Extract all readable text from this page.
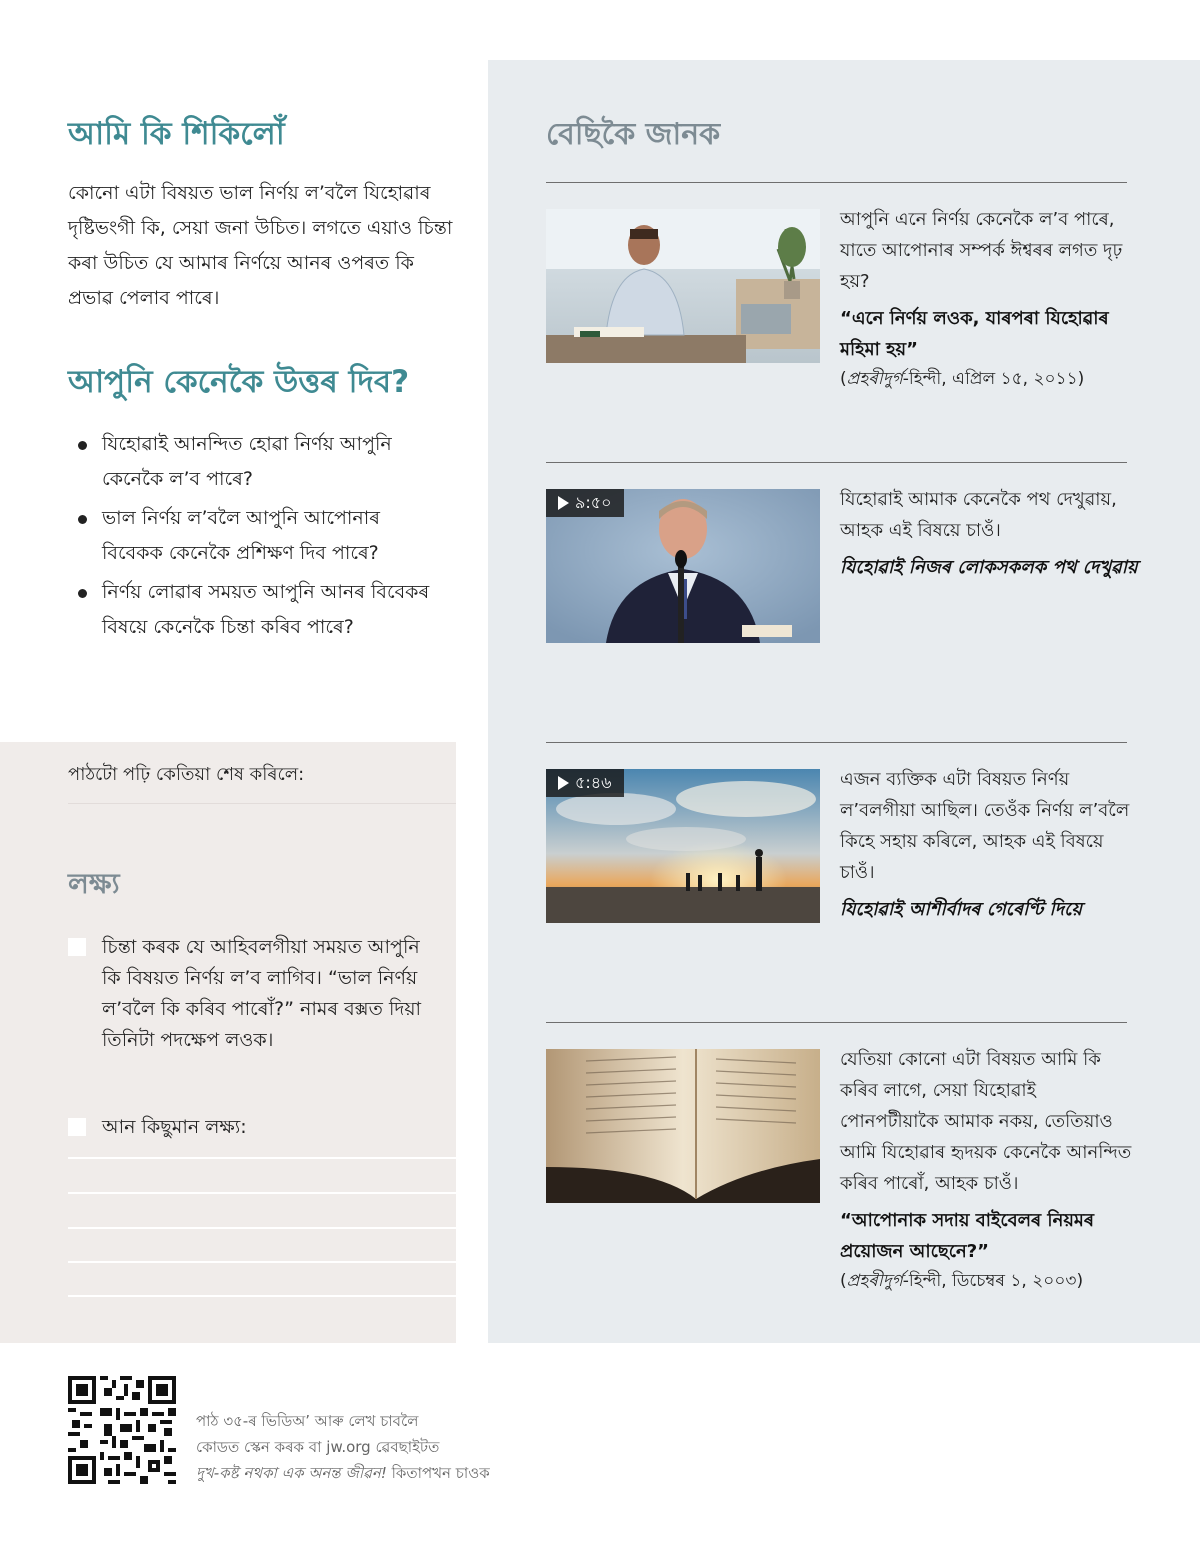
আমি কি শিকিলোঁ

কোনো এটা বিষয়ত ভাল নিৰ্ণয় ল’বলৈ যিহোৱাৰ দৃষ্টিভংগী কি, সেয়া জনা উচিত। লগতে এয়াও চিন্তা কৰা উচিত যে আমাৰ নিৰ্ণয়ে আনৰ ওপৰত কি প্ৰভাৱ পেলাব পাৰে।

আপুনি কেনেকৈ উত্তৰ দিব?
যিহোৱাই আনন্দিত হোৱা নিৰ্ণয় আপুনি কেনেকৈ ল’ব পাৰে?
ভাল নিৰ্ণয় ল’বলৈ আপুনি আপোনাৰ বিবেকক কেনেকৈ প্ৰশিক্ষণ দিব পাৰে?
নিৰ্ণয় লোৱাৰ সময়ত আপুনি আনৰ বিবেকৰ বিষয়ে কেনেকৈ চিন্তা কৰিব পাৰে?
পাঠটো পঢ়ি কেতিয়া শেষ কৰিলে:
লক্ষ্য
চিন্তা কৰক যে আহিবলগীয়া সময়ত আপুনি কি বিষয়ত নিৰ্ণয় ল’ব লাগিব। “ভাল নিৰ্ণয় ল’বলৈ কি কৰিব পাৰোঁ?” নামৰ বক্সত দিয়া তিনিটা পদক্ষেপ লওক।
আন কিছুমান লক্ষ্য:
বেছিকৈ জানক

আপুনি এনে নিৰ্ণয় কেনেকৈ ল’ব পাৰে, যাতে আপোনাৰ সম্পৰ্ক ঈশ্বৰৰ লগত দৃঢ় হয়?

“এনে নিৰ্ণয় লওক, যাৰপৰা যিহোৱাৰ মহিমা হয়”

(প্ৰহৰীদুৰ্গ-হিন্দী, এপ্ৰিল ১৫, ২০১১)

৯:৫০	যিহোৱাই আমাক কেনেকৈ পথ দেখুৱায়, আহক এই বিষয়ে চাওঁ।

যিহোৱাই নিজৰ লোকসকলক পথ দেখুৱায়

৫:৪৬	এজন ব্যক্তিক এটা বিষয়ত নিৰ্ণয় ল’বলগীয়া আছিল। তেওঁক নিৰ্ণয় ল’বলৈ কিহে সহায় কৰিলে, আহক এই বিষয়ে চাওঁ।

যিহোৱাই আশীৰ্বাদৰ গেৰেণ্টি দিয়ে

যেতিয়া কোনো এটা বিষয়ত আমি কি কৰিব লাগে, সেয়া যিহোৱাই পোনপটীয়াকৈ আমাক নকয়, তেতিয়াও আমি যিহোৱাৰ হৃদয়ক কেনেকৈ আনন্দিত কৰিব পাৰোঁ, আহক চাওঁ।

“আপোনাক সদায় বাইবেলৰ নিয়মৰ প্ৰয়োজন আছেনে?”

(প্ৰহৰীদুৰ্গ-হিন্দী, ডিচেম্বৰ ১, ২০০৩)

পাঠ ৩৫-ৰ ভিডিঅ’ আৰু লেখ চাবলৈ
কোডত স্কেন কৰক বা jw.org ৱেবছাইটত
দুখ-কষ্ট নথকা এক অনন্ত জীৱন! কিতাপখন চাওক
